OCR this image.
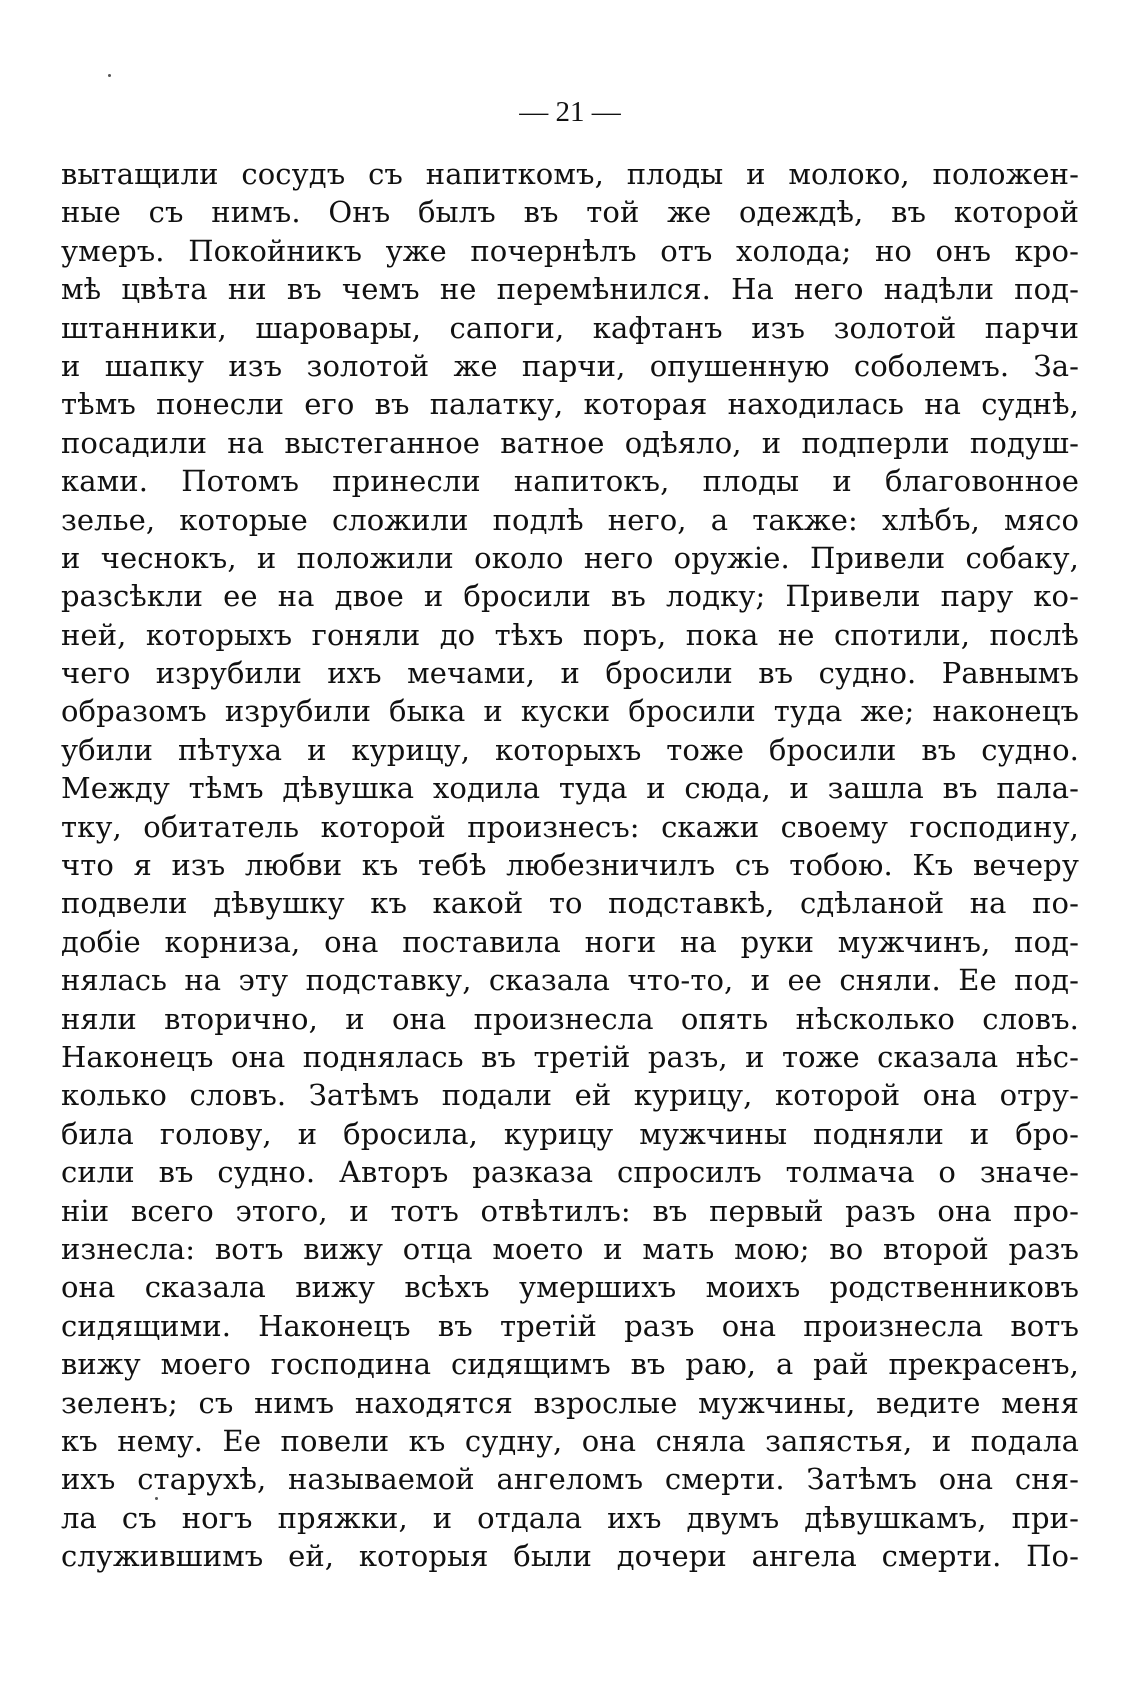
— 21 —
вытащили сосудъ съ напиткомъ, плоды и молоко, положен-
ные съ нимъ. Онъ былъ въ той же одеждѣ, въ которой
умеръ. Покойникъ уже почернѣлъ отъ холода; но онъ кро-
мѣ цвѣта ни въ чемъ не перемѣнился. На него надѣли под-
штанники, шаровары, сапоги, кафтанъ изъ золотой парчи
и шапку изъ золотой же парчи, опушенную соболемъ. За-
тѣмъ понесли его въ палатку, которая находилась на суднѣ,
посадили на выстеганное ватное одѣяло, и подперли подуш-
ками. Потомъ принесли напитокъ, плоды и благовонное
зелье, которые сложили подлѣ него, а также: хлѣбъ, мясо
и чеснокъ, и положили около него оружіе. Привели собаку,
разсѣкли ее на двое и бросили въ лодку; Привели пару ко-
ней, которыхъ гоняли до тѣхъ поръ, пока не спотили, послѣ
чего изрубили ихъ мечами, и бросили въ судно. Равнымъ
образомъ изрубили быка и куски бросили туда же; наконецъ
убили пѣтуха и курицу, которыхъ тоже бросили въ судно.
Между тѣмъ дѣвушка ходила туда и сюда, и зашла въ пала-
тку, обитатель которой произнесъ: скажи своему господину,
что я изъ любви къ тебѣ любезничилъ съ тобою. Къ вечеру
подвели дѣвушку къ какой то подставкѣ, сдѣланой на по-
добіе корниза, она поставила ноги на руки мужчинъ, под-
нялась на эту подставку, сказала что-то, и ее сняли. Ее под-
няли вторично, и она произнесла опять нѣсколько словъ.
Наконецъ она поднялась въ третій разъ, и тоже сказала нѣс-
колько словъ. Затѣмъ подали ей курицу, которой она отру-
била голову, и бросила, курицу мужчины подняли и бро-
сили въ судно. Авторъ разказа спросилъ толмача о значе-
ніи всего этого, и тотъ отвѣтилъ: въ первый разъ она про-
изнесла: вотъ вижу отца моето и мать мою; во второй разъ
она сказала вижу всѣхъ умершихъ моихъ родственниковъ
сидящими. Наконецъ въ третій разъ она произнесла вотъ
вижу моего господина сидящимъ въ раю, а рай прекрасенъ,
зеленъ; съ нимъ находятся взрослые мужчины, ведите меня
къ нему. Ее повели къ судну, она сняла запястья, и подала
ихъ старухѣ, называемой ангеломъ смерти. Затѣмъ она сня-
ла съ ногъ пряжки, и отдала ихъ двумъ дѣвушкамъ, при-
служившимъ ей, которыя были дочери ангела смерти. По-
